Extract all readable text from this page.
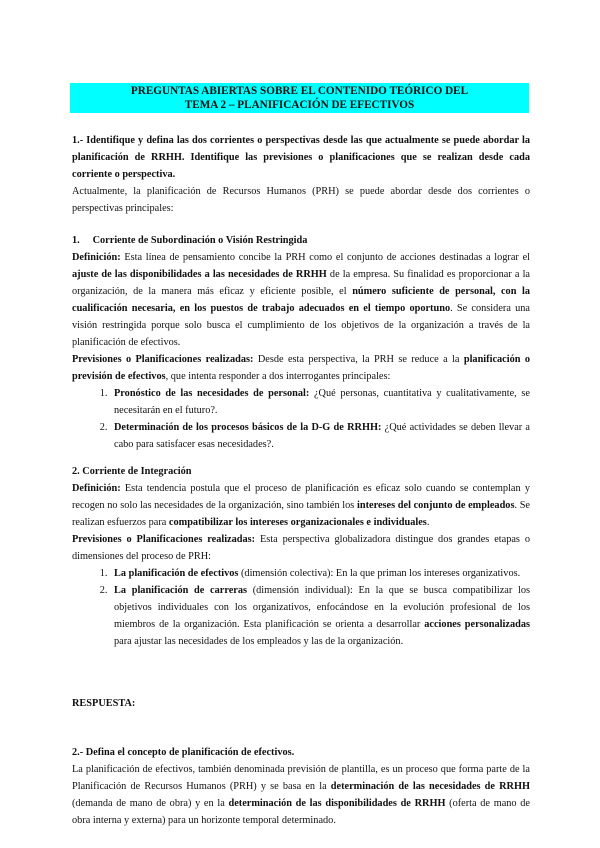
PREGUNTAS ABIERTAS SOBRE EL CONTENIDO TEÓRICO DEL
TEMA 2 – PLANIFICACIÓN DE EFECTIVOS

1.- Identifique y defina las dos corrientes o perspectivas desde las que actualmente se puede abordar la planificación de RRHH. Identifique las previsiones o planificaciones que se realizan desde cada corriente o perspectiva.

Actualmente, la planificación de Recursos Humanos (PRH) se puede abordar desde dos corrientes o perspectivas principales:

1.     Corriente de Subordinación o Visión Restringida

Definición: Esta línea de pensamiento concibe la PRH como el conjunto de acciones destinadas a lograr el ajuste de las disponibilidades a las necesidades de RRHH de la empresa. Su finalidad es proporcionar a la organización, de la manera más eficaz y eficiente posible, el número suficiente de personal, con la cualificación necesaria, en los puestos de trabajo adecuados en el tiempo oportuno. Se considera una visión restringida porque solo busca el cumplimiento de los objetivos de la organización a través de la planificación de efectivos.

Previsiones o Planificaciones realizadas: Desde esta perspectiva, la PRH se reduce a la planificación o previsión de efectivos, que intenta responder a dos interrogantes principales:

1. Pronóstico de las necesidades de personal: ¿Qué personas, cuantitativa y cualitativamente, se necesitarán en el futuro?.
2. Determinación de los procesos básicos de la D-G de RRHH: ¿Qué actividades se deben llevar a cabo para satisfacer esas necesidades?.

2. Corriente de Integración

Definición: Esta tendencia postula que el proceso de planificación es eficaz solo cuando se contemplan y recogen no solo las necesidades de la organización, sino también los intereses del conjunto de empleados. Se realizan esfuerzos para compatibilizar los intereses organizacionales e individuales.

Previsiones o Planificaciones realizadas: Esta perspectiva globalizadora distingue dos grandes etapas o dimensiones del proceso de PRH:

1. La planificación de efectivos (dimensión colectiva): En la que priman los intereses organizativos.
2. La planificación de carreras (dimensión individual): En la que se busca compatibilizar los objetivos individuales con los organizativos, enfocándose en la evolución profesional de los miembros de la organización. Esta planificación se orienta a desarrollar acciones personalizadas para ajustar las necesidades de los empleados y las de la organización.
RESPUESTA:

2.- Defina el concepto de planificación de efectivos.

La planificación de efectivos, también denominada previsión de plantilla, es un proceso que forma parte de la Planificación de Recursos Humanos (PRH) y se basa en la determinación de las necesidades de RRHH (demanda de mano de obra) y en la determinación de las disponibilidades de RRHH (oferta de mano de obra interna y externa) para un horizonte temporal determinado.
